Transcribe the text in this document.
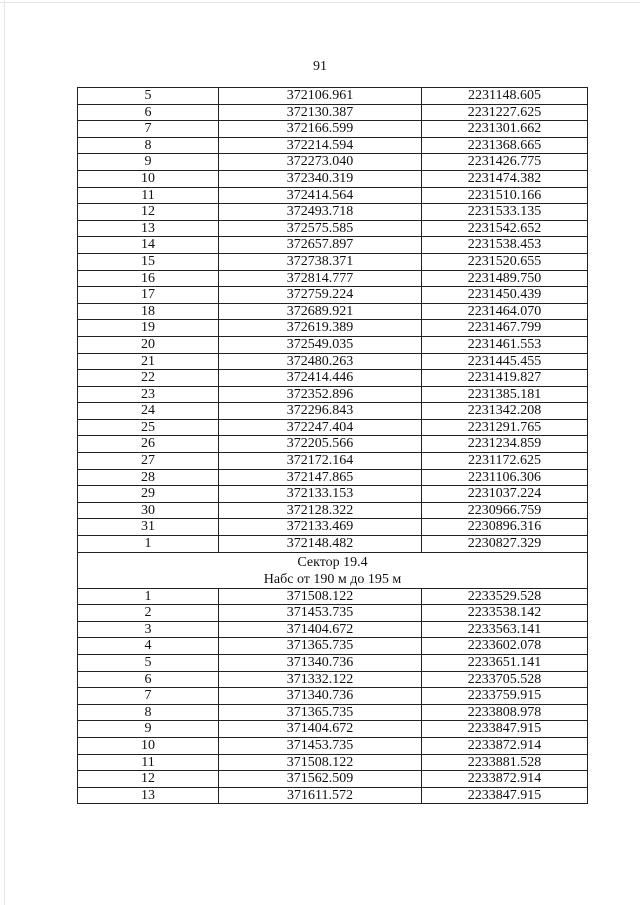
91
5	372106.961	2231148.605
6	372130.387	2231227.625
7	372166.599	2231301.662
8	372214.594	2231368.665
9	372273.040	2231426.775
10	372340.319	2231474.382
11	372414.564	2231510.166
12	372493.718	2231533.135
13	372575.585	2231542.652
14	372657.897	2231538.453
15	372738.371	2231520.655
16	372814.777	2231489.750
17	372759.224	2231450.439
18	372689.921	2231464.070
19	372619.389	2231467.799
20	372549.035	2231461.553
21	372480.263	2231445.455
22	372414.446	2231419.827
23	372352.896	2231385.181
24	372296.843	2231342.208
25	372247.404	2231291.765
26	372205.566	2231234.859
27	372172.164	2231172.625
28	372147.865	2231106.306
29	372133.153	2231037.224
30	372128.322	2230966.759
31	372133.469	2230896.316
1	372148.482	2230827.329

Сектор 19.4
Набс от 190 м до 195 м		

1	371508.122	2233529.528
2	371453.735	2233538.142
3	371404.672	2233563.141
4	371365.735	2233602.078
5	371340.736	2233651.141
6	371332.122	2233705.528
7	371340.736	2233759.915
8	371365.735	2233808.978
9	371404.672	2233847.915
10	371453.735	2233872.914
11	371508.122	2233881.528
12	371562.509	2233872.914
13	371611.572	2233847.915
